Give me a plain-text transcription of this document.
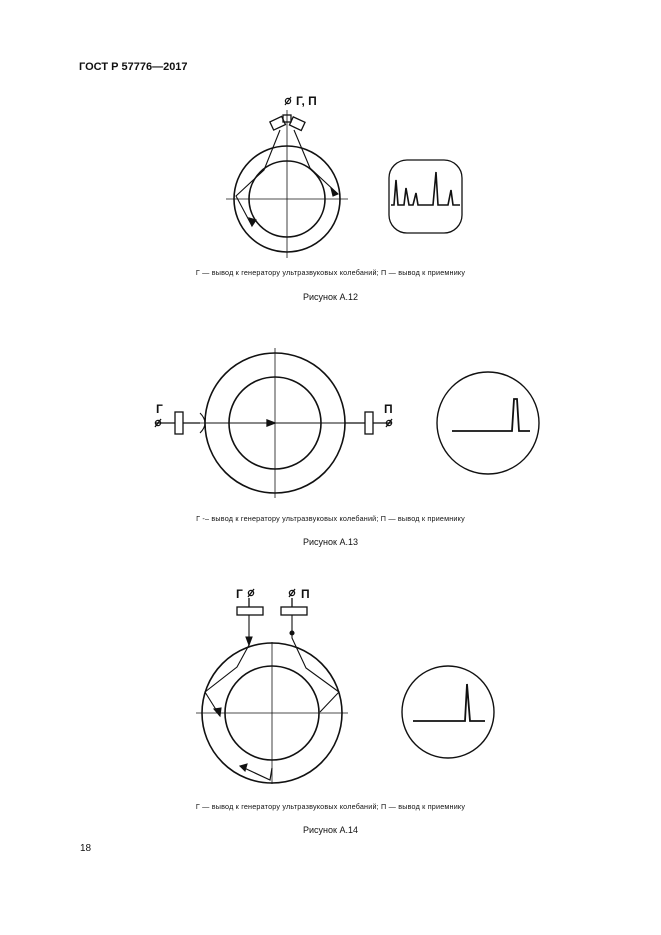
ГОСТ Р 57776—2017
Г, П
Г	П
Г	П
Г — вывод к генератору ультразвуковых колебаний; П — вывод к приемнику
Рисунок А.12
Г -– вывод к генератору ультразвуковых колебаний; П — вывод к приемнику
Рисунок А.13
Г — вывод к генератору ультразвуковых колебаний; П — вывод к приемнику
Рисунок А.14
18
